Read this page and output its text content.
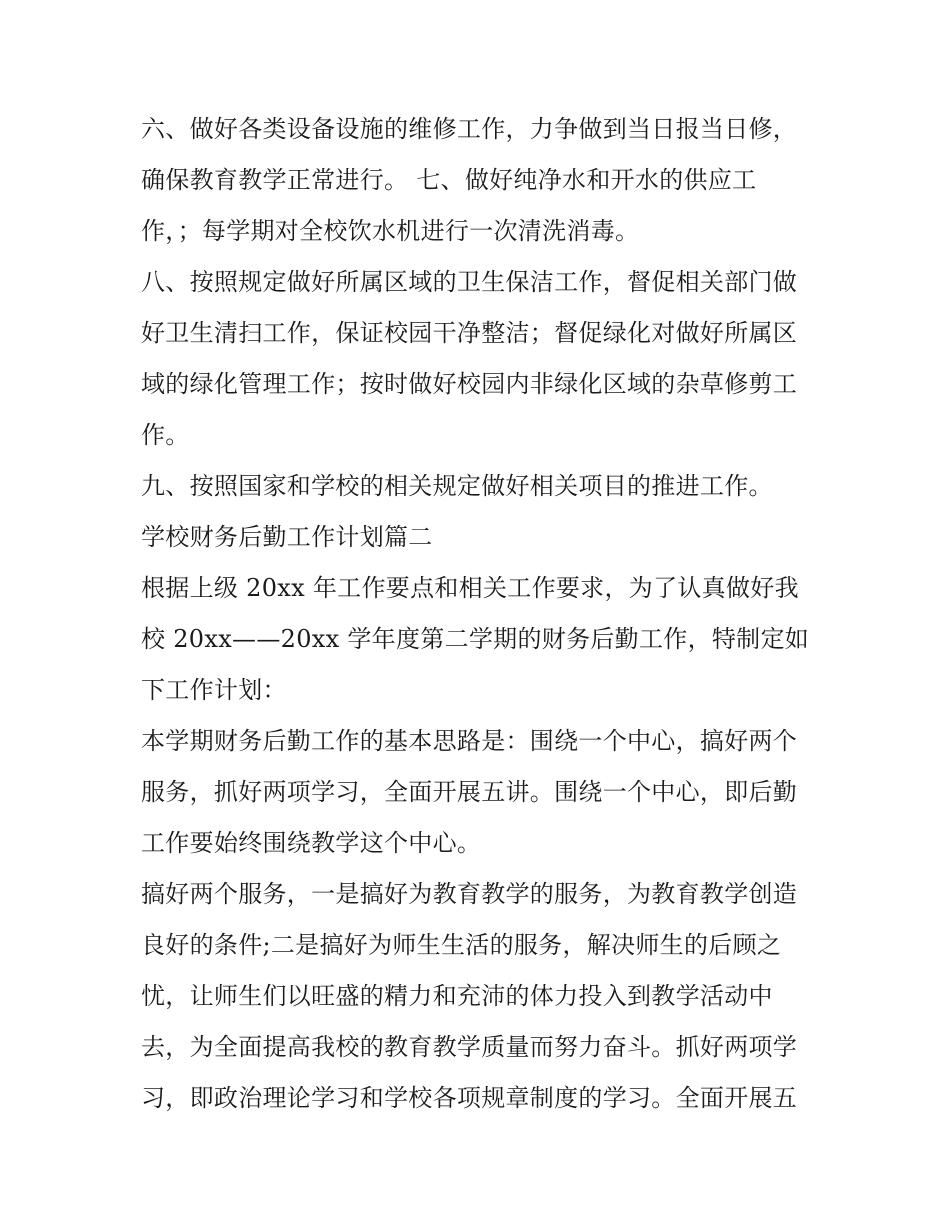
六、做好各类设备设施的维修工作，力争做到当日报当日修，
确保教育教学正常进行。 七、做好纯净水和开水的供应工
作，；每学期对全校饮水机进行一次清洗消毒。
八、按照规定做好所属区域的卫生保洁工作，督促相关部门做
好卫生清扫工作，保证校园干净整洁；督促绿化对做好所属区
域的绿化管理工作；按时做好校园内非绿化区域的杂草修剪工
作。
九、按照国家和学校的相关规定做好相关项目的推进工作。
学校财务后勤工作计划篇二
根据上级 20xx 年工作要点和相关工作要求，为了认真做好我
校 20xx——20xx 学年度第二学期的财务后勤工作，特制定如
下工作计划：
本学期财务后勤工作的基本思路是：围绕一个中心，搞好两个
服务，抓好两项学习，全面开展五讲。围绕一个中心，即后勤
工作要始终围绕教学这个中心。
搞好两个服务，一是搞好为教育教学的服务，为教育教学创造
良好的条件;二是搞好为师生生活的服务，解决师生的后顾之
忧，让师生们以旺盛的精力和充沛的体力投入到教学活动中
去，为全面提高我校的教育教学质量而努力奋斗。抓好两项学
习，即政治理论学习和学校各项规章制度的学习。全面开展五
